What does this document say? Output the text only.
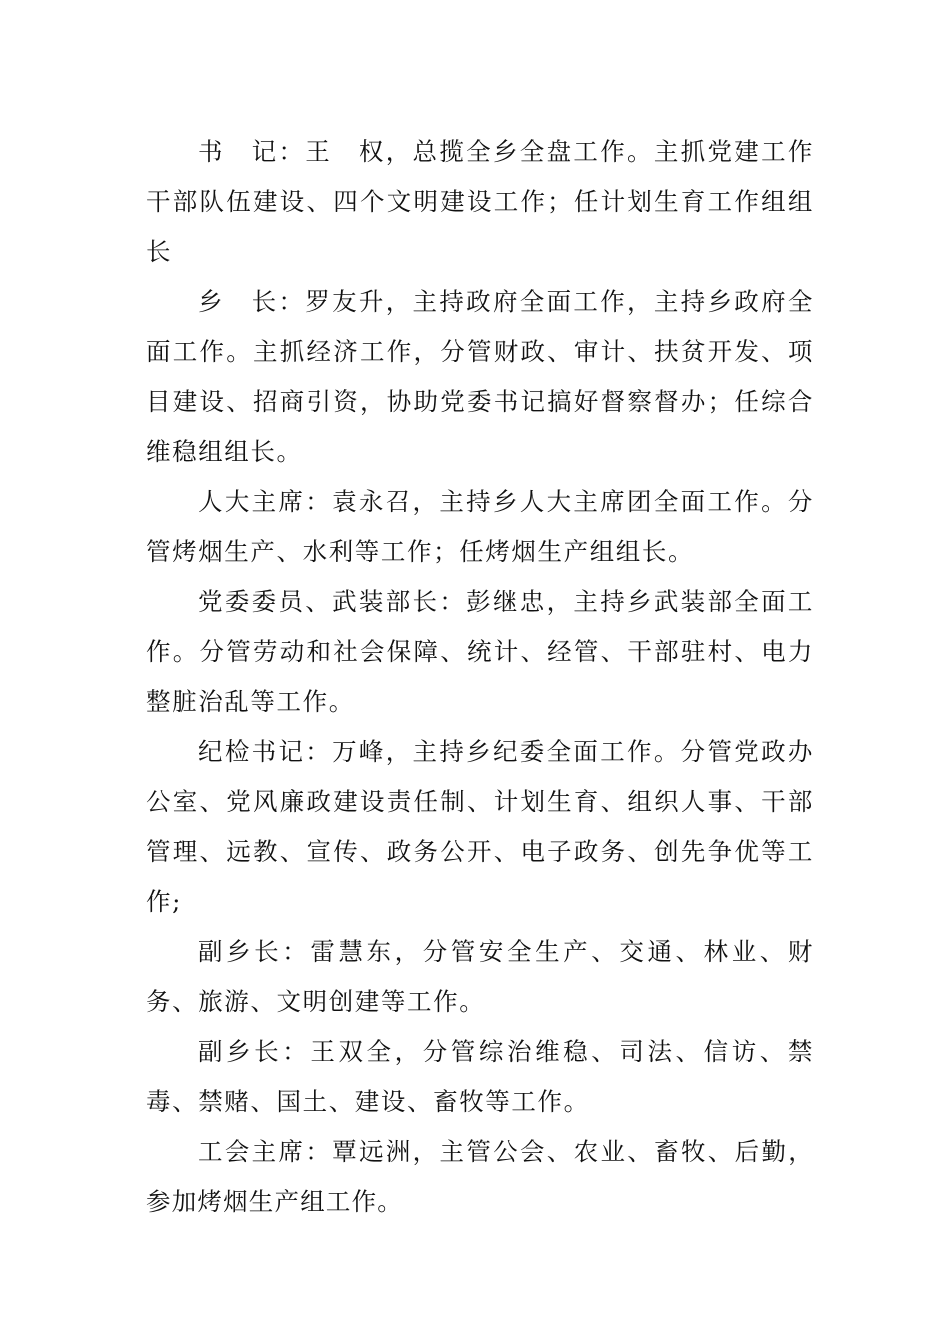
书　记：王　权，总揽全乡全盘工作。主抓党建工作干部队伍建设、四个文明建设工作；任计划生育工作组组长

乡　长：罗友升，主持政府全面工作，主持乡政府全面工作。主抓经济工作，分管财政、审计、扶贫开发、项目建设、招商引资，协助党委书记搞好督察督办；任综合维稳组组长。

人大主席：袁永召，主持乡人大主席团全面工作。分管烤烟生产、水利等工作；任烤烟生产组组长。

党委委员、武装部长：彭继忠，主持乡武装部全面工作。分管劳动和社会保障、统计、经管、干部驻村、电力整脏治乱等工作。

纪检书记：万峰，主持乡纪委全面工作。分管党政办公室、党风廉政建设责任制、计划生育、组织人事、干部管理、远教、宣传、政务公开、电子政务、创先争优等工作;

副乡长：雷慧东，分管安全生产、交通、林业、财务、旅游、文明创建等工作。

副乡长：王双全，分管综治维稳、司法、信访、禁毒、禁赌、国土、建设、畜牧等工作。

工会主席：覃远洲，主管公会、农业、畜牧、后勤，参加烤烟生产组工作。
